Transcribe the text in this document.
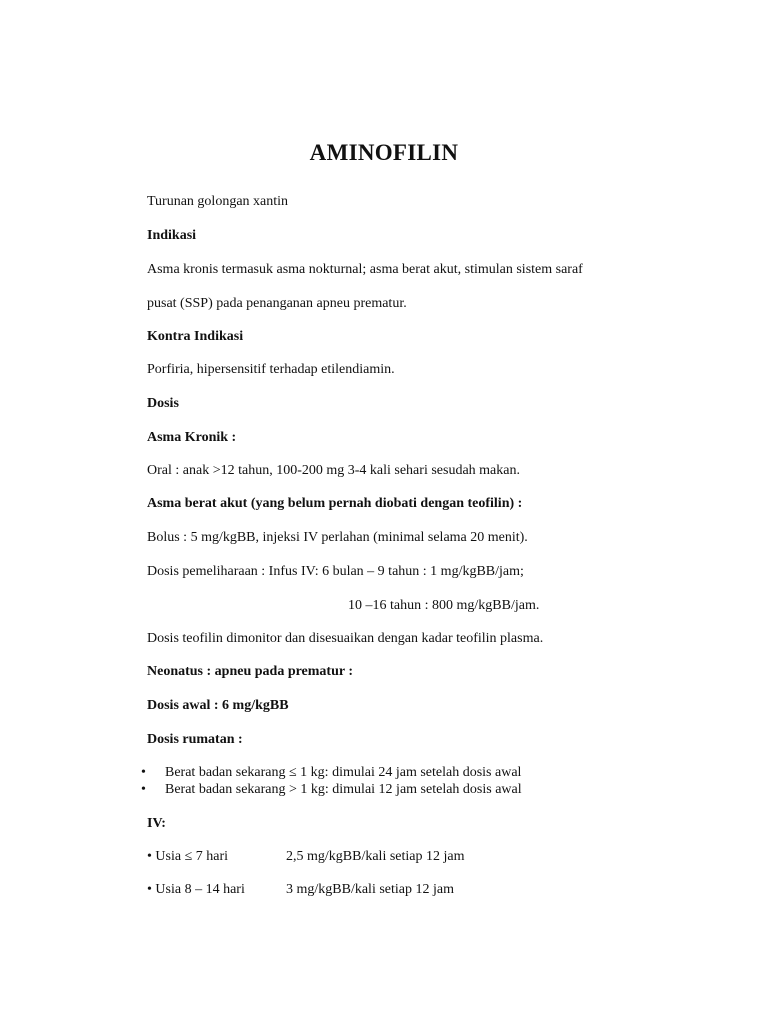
AMINOFILIN
Turunan golongan xantin
Indikasi
Asma kronis termasuk asma nokturnal; asma berat akut, stimulan sistem saraf
pusat (SSP) pada penanganan apneu prematur.
Kontra Indikasi
Porfiria, hipersensitif terhadap etilendiamin.
Dosis
Asma Kronik :
Oral : anak >12 tahun, 100-200 mg 3-4 kali sehari sesudah makan.
Asma berat akut (yang belum pernah diobati dengan teofilin) :
Bolus : 5 mg/kgBB, injeksi IV perlahan (minimal selama 20 menit).
Dosis pemeliharaan : Infus IV: 6 bulan – 9 tahun : 1 mg/kgBB/jam;
10 –16 tahun : 800 mg/kgBB/jam.
Dosis teofilin dimonitor dan disesuaikan dengan kadar teofilin plasma.
Neonatus : apneu pada prematur :
Dosis awal : 6 mg/kgBB
Dosis rumatan :
• Berat badan sekarang ≤ 1 kg: dimulai 24 jam setelah dosis awal
• Berat badan sekarang > 1 kg: dimulai 12 jam setelah dosis awal
IV:
• Usia ≤ 7 hari	2,5 mg/kgBB/kali setiap 12 jam
• Usia 8 – 14 hari	3 mg/kgBB/kali setiap 12 jam
